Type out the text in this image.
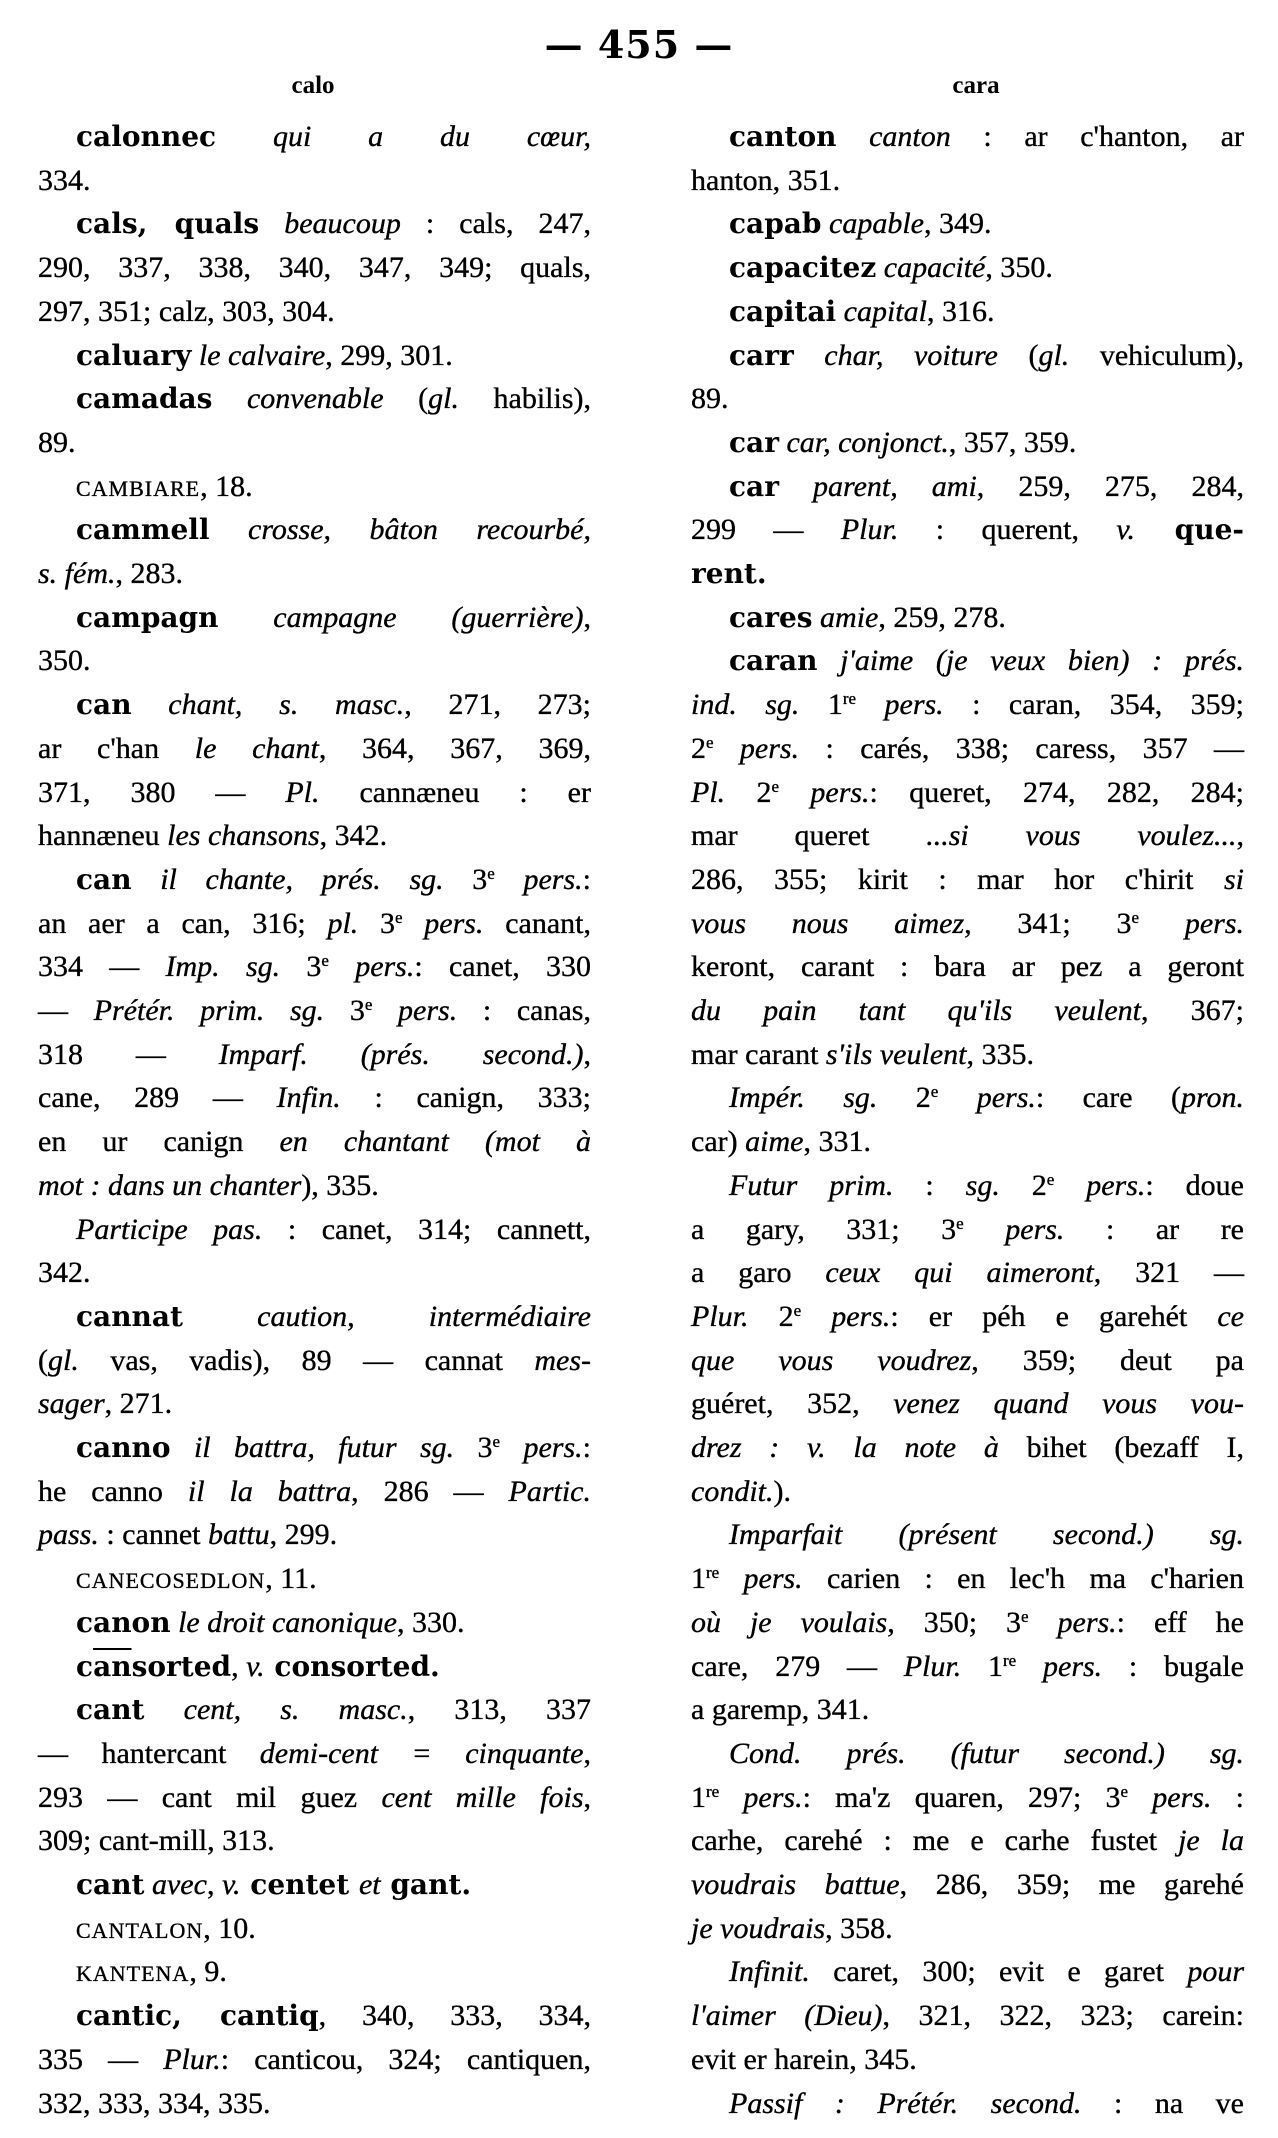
— 455 —
calo	cara
calonnec qui a du cœur,
334.
cals, quals beaucoup : cals, 247,
290, 337, 338, 340, 347, 349; quals,
297, 351; calz, 303, 304.
caluary le calvaire, 299, 301.
camadas convenable (gl. habilis),
89.
CAMBIARE, 18.
cammell crosse, bâton recourbé,
s. fém., 283.
campagn campagne (guerrière),
350.
can chant, s. masc., 271, 273;
ar c'han le chant, 364, 367, 369,
371, 380 — Pl. cannæneu : er
hannæneu les chansons, 342.
can il chante, prés. sg. 3e pers.:
an aer a can, 316; pl. 3e pers. canant,
334 — Imp. sg. 3e pers.: canet, 330
— Prétér. prim. sg. 3e pers. : canas,
318 — Imparf. (prés. second.),
cane, 289 — Infin. : canign, 333;
en ur canign en chantant (mot à
mot : dans un chanter), 335.
Participe pas. : canet, 314; cannett,
342.
cannat caution, intermédiaire
(gl. vas, vadis), 89 — cannat mes-
sager, 271.
canno il battra, futur sg. 3e pers.:
he canno il la battra, 286 — Partic.
pass. : cannet battu, 299.
CANECOSEDLON, 11.
canon le droit canonique, 330.
$c\overline{an}sorted$, v. consorted.
cant cent, s. masc., 313, 337
— hantercant demi-cent = cinquante,
293 — cant mil guez cent mille fois,
309; cant-mill, 313.
cant avec, v. centet et gant.
CANTALON, 10.
KANTENA, 9.
cantic, cantiq, 340, 333, 334,
335 — Plur.: canticou, 324; cantiquen,
332, 333, 334, 335.
canton canton : ar c'hanton, ar
hanton, 351.
capab capable, 349.
capacitez capacité, 350.
capitai capital, 316.
carr char, voiture (gl. vehiculum),
89.
car car, conjonct., 357, 359.
car parent, ami, 259, 275, 284,
299 — Plur. : querent, v. que-
rent.
cares amie, 259, 278.
caran j'aime (je veux bien) : prés.
ind. sg. 1re pers. : caran, 354, 359;
2e pers. : carés, 338; caress, 357 —
Pl. 2e pers.: queret, 274, 282, 284;
mar queret ...si vous voulez...,
286, 355; kirit : mar hor c'hirit si
vous nous aimez, 341; 3e pers.
keront, carant : bara ar pez a geront
du pain tant qu'ils veulent, 367;
mar carant s'ils veulent, 335.
Impér. sg. 2e pers.: care (pron.
car) aime, 331.
Futur prim. : sg. 2e pers.: doue
a gary, 331; 3e pers. : ar re
a garo ceux qui aimeront, 321 —
Plur. 2e pers.: er péh e garehét ce
que vous voudrez, 359; deut pa
guéret, 352, venez quand vous vou-
drez : v. la note à bihet (bezaff I,
condit.).
Imparfait (présent second.) sg.
1re pers. carien : en lec'h ma c'harien
où je voulais, 350; 3e pers.: eff he
care, 279 — Plur. 1re pers. : bugale
a garemp, 341.
Cond. prés. (futur second.) sg.
1re pers.: ma'z quaren, 297; 3e pers. :
carhe, carehé : me e carhe fustet je la
voudrais battue, 286, 359; me garehé
je voudrais, 358.
Infinit. caret, 300; evit e garet pour
l'aimer (Dieu), 321, 322, 323; carein:
evit er harein, 345.
Passif : Prétér. second. : na ve
